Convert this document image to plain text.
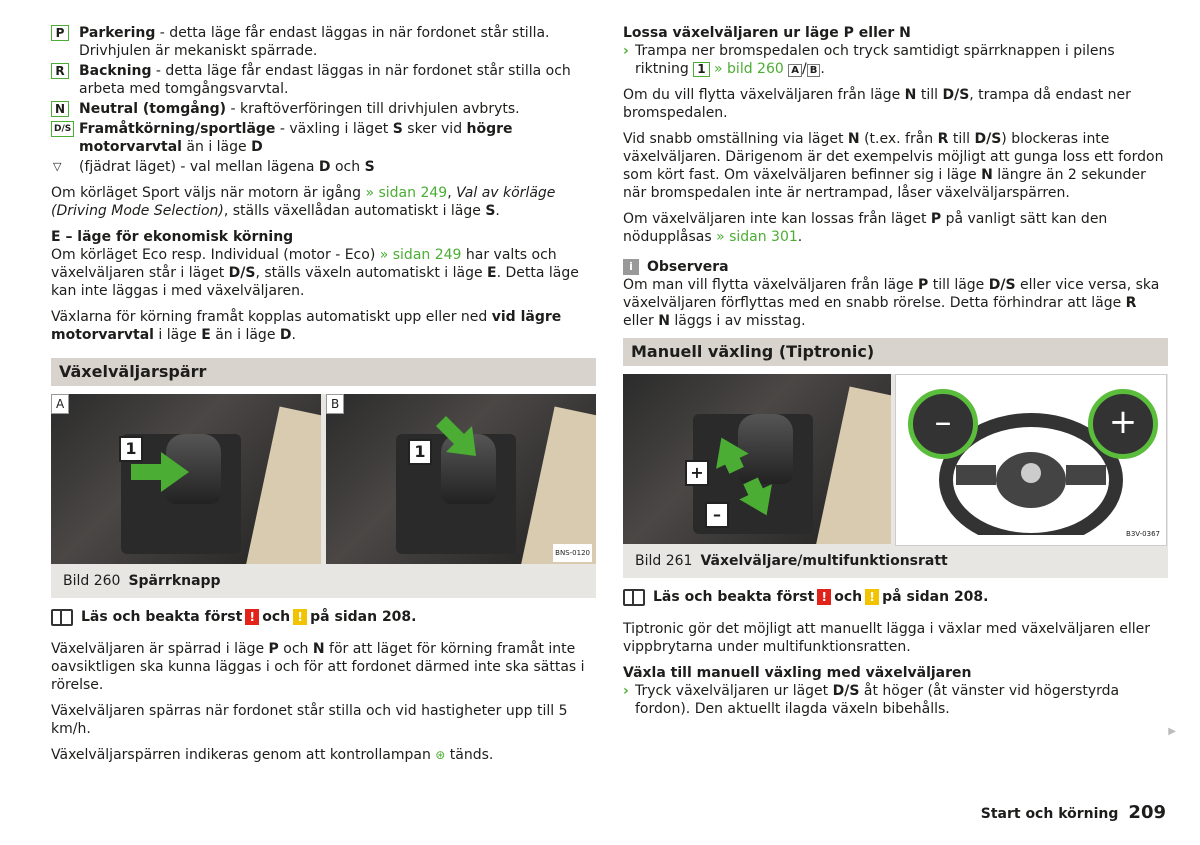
P	Parkering - detta läge får endast läggas in när fordonet står stilla. Drivhjulen är mekaniskt spärrade.
R	Backning - detta läge får endast läggas in när fordonet står stilla och arbeta med tomgångsvarvtal.
N Neutral (tomgång) - kraftöverföringen till drivhjulen avbryts.
D/S Framåtkörning/sportläge - växling i läget S sker vid högre motorvarvtal än i läge D
▽ (fjädrat läget) - val mellan lägena D och S

Om körläget Sport väljs när motorn är igång » sidan 249, Val av körläge (Driving Mode Selection), ställs växellådan automatiskt i läge S.

E – läge för ekonomisk körning

Om körläget Eco resp. Individual (motor - Eco) » sidan 249 har valts och växelväljaren står i läget D/S, ställs växeln automatiskt i läge E. Detta läge kan inte läggas i med växelväljaren.

Växlarna för körning framåt kopplas automatiskt upp eller ned vid lägre motorvarvtal i läge E än i läge D.

Växelväljarspärr
1
A
1
B
BNS-0120
Bild 260 Spärrknapp
Läs och beakta först ! och ! på sidan 208.

Växelväljaren är spärrad i läge P och N för att läget för körning framåt inte oavsiktligen ska kunna läggas i och för att fordonet därmed inte ska sättas i rörelse.

Växelväljaren spärras när fordonet står stilla och vid hastigheter upp till 5 km/h.

Växelväljarspärren indikeras genom att kontrollampan ⊛ tänds.

Lossa växelväljaren ur läge P eller N

› Trampa ner bromspedalen och tryck samtidigt spärrknappen i pilens riktning 1 » bild 260 A / B .

Om du vill flytta växelväljaren från läge N till D/S, trampa då endast ner bromspedalen.

Vid snabb omställning via läget N (t.ex. från R till D/S) blockeras inte växelväljaren. Därigenom är det exempelvis möjligt att gunga loss ett fordon som kört fast. Om växelväljaren befinner sig i läge N längre än 2 sekunder när bromspedalen inte är nertrampad, låser växelväljarspärren.

Om växelväljaren inte kan lossas från läget P på vanligt sätt kan den nödupplåsas » sidan 301.

i	Observera

Om man vill flytta växelväljaren från läge P till läge D/S eller vice versa, ska växelväljaren förflyttas med en snabb rörelse. Detta förhindrar att läge R eller N läggs i av misstag.

Manuell växling (Tiptronic)
+
–
–	+
B3V-0367
Bild 261 Växelväljare/multifunktionsratt
Läs och beakta först ! och ! på sidan 208.

Tiptronic gör det möjligt att manuellt lägga i växlar med växelväljaren eller vippbrytarna under multifunktionsratten.

Växla till manuell växling med växelväljaren

› Tryck växelväljaren ur läget D/S åt höger (åt vänster vid högerstyrda fordon). Den aktuellt ilagda växeln bibehålls.

▶
Start och körning 209
